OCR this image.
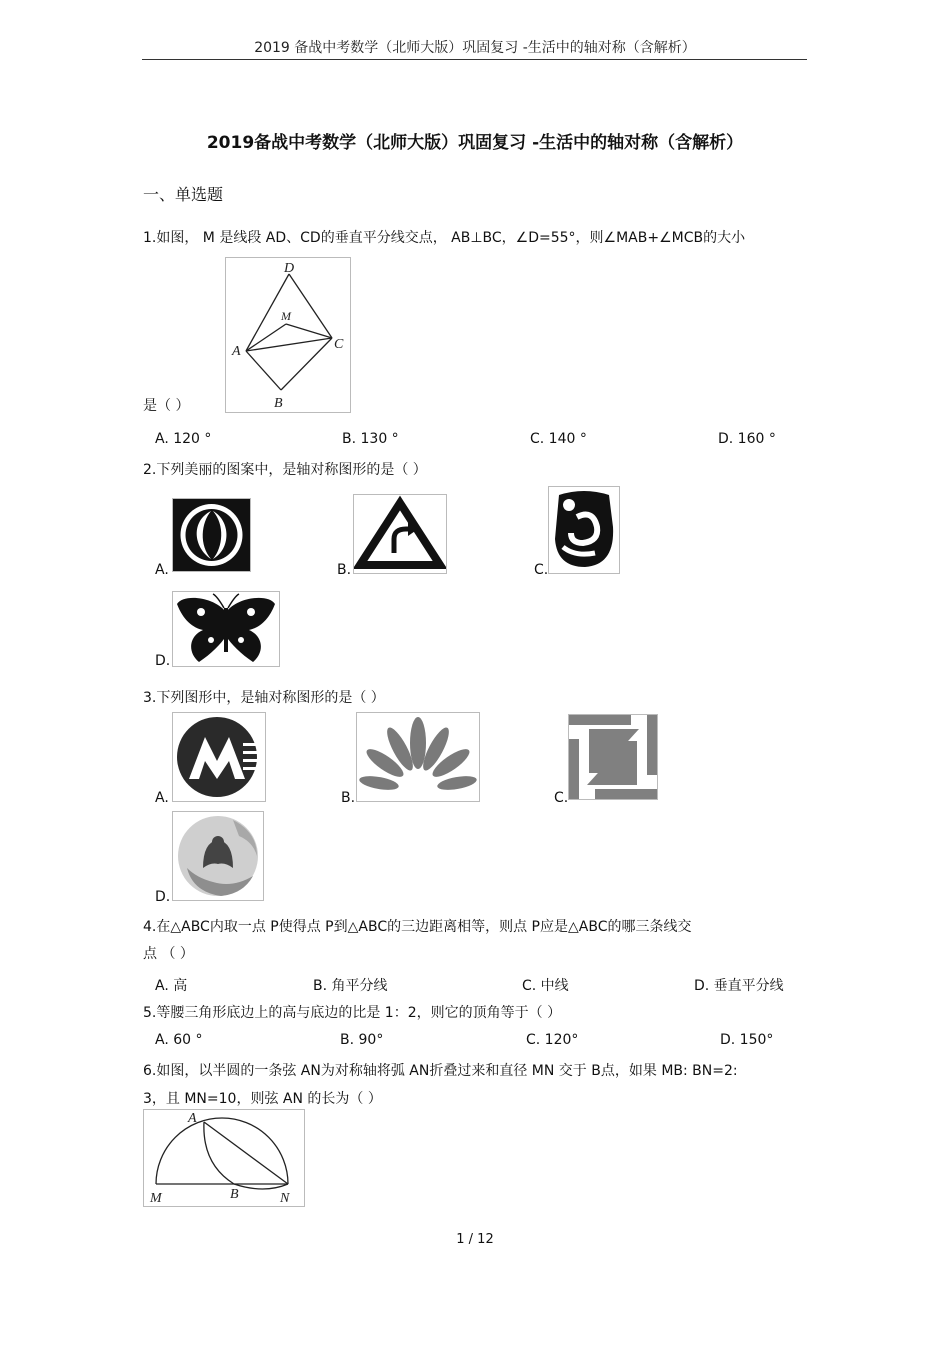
2019 备战中考数学（北师大版）巩固复习 -生活中的轴对称（含解析）
2019备战中考数学（北师大版）巩固复习 -生活中的轴对称（含解析）
一、单选题
1.如图， M 是线段 AD、CD的垂直平分线交点， AB⊥BC，∠D=55°，则∠MAB+∠MCB的大小
D
M
A	C
B
是（ ）
A. 120 °	B. 130 °	C. 140 °	D. 160 °
2.下列美丽的图案中，是轴对称图形的是（ ）
A.	B.	C.
D.
3.下列图形中，是轴对称图形的是（ ）
A.	B.	C.
D.
4.在△ABC内取一点 P使得点 P到△ABC的三边距离相等，则点 P应是△ABC的哪三条线交
点 （ ）
A. 高	B. 角平分线	C. 中线	D. 垂直平分线
5.等腰三角形底边上的高与底边的比是 1：2，则它的顶角等于（ ）
A. 60 °	B. 90°	C. 120°	D. 150°
6.如图，以半圆的一条弦 AN为对称轴将弧 AN折叠过来和直径 MN 交于 B点，如果 MB: BN=2:
3，且 MN=10，则弦 AN 的长为（ ）
A
M	B	N
1 / 12
